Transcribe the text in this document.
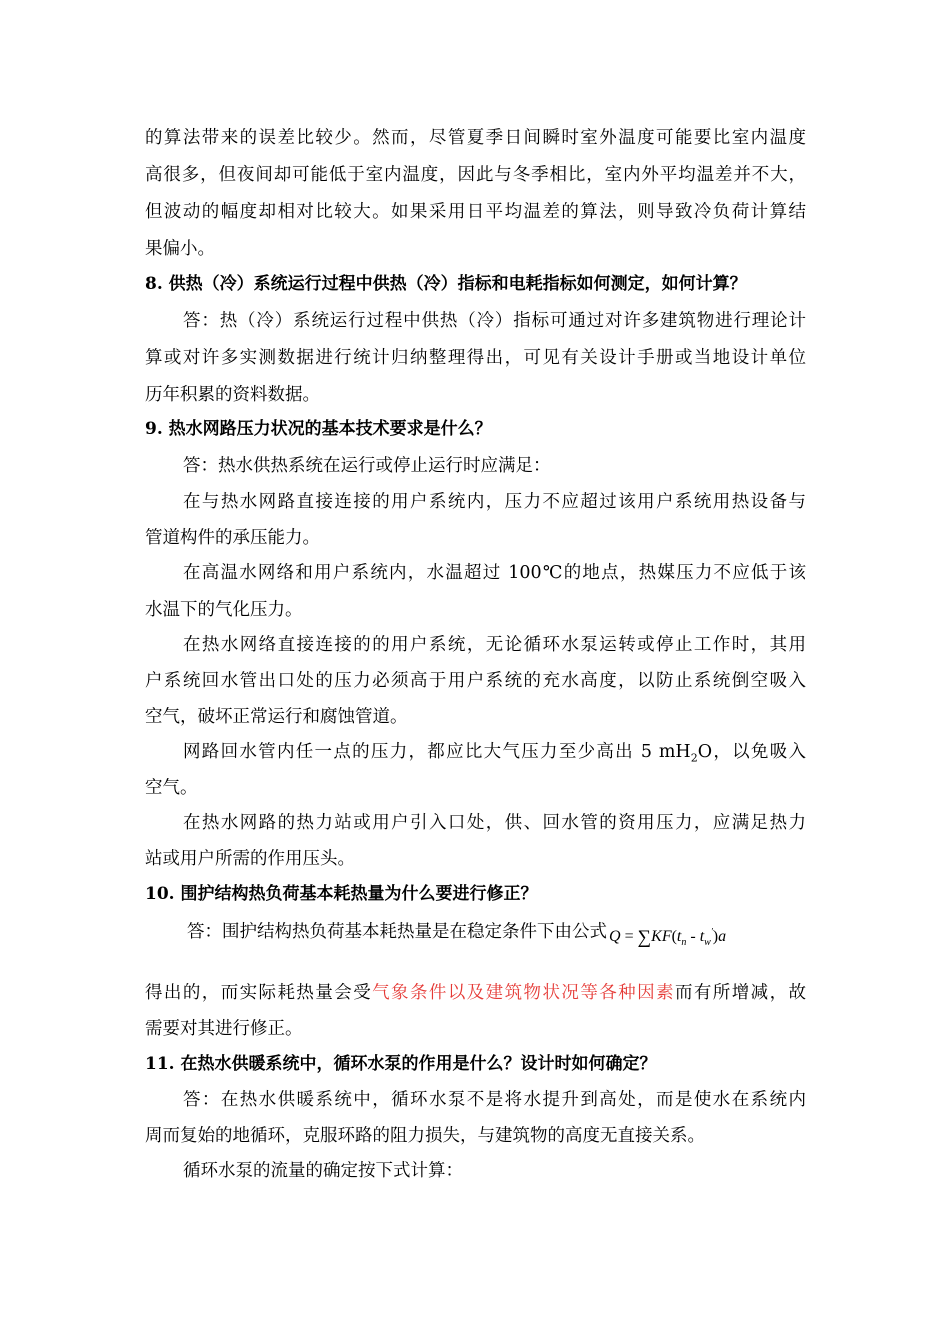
的算法带来的误差比较少。然而，尽管夏季日间瞬时室外温度可能要比室内温度
高很多，但夜间却可能低于室内温度，因此与冬季相比，室内外平均温差并不大，
但波动的幅度却相对比较大。如果采用日平均温差的算法，则导致冷负荷计算结
果偏小。
8. 供热（冷）系统运行过程中供热（冷）指标和电耗指标如何测定，如何计算？
答：热（冷）系统运行过程中供热（冷）指标可通过对许多建筑物进行理论计
算或对许多实测数据进行统计归纳整理得出，可见有关设计手册或当地设计单位
历年积累的资料数据。
9. 热水网路压力状况的基本技术要求是什么？
答：热水供热系统在运行或停止运行时应满足：
在与热水网路直接连接的用户系统内，压力不应超过该用户系统用热设备与
管道构件的承压能力。
在高温水网络和用户系统内，水温超过 100℃的地点，热媒压力不应低于该
水温下的气化压力。
在热水网络直接连接的的用户系统，无论循环水泵运转或停止工作时，其用
户系统回水管出口处的压力必须高于用户系统的充水高度，以防止系统倒空吸入
空气，破坏正常运行和腐蚀管道。
网路回水管内任一点的压力，都应比大气压力至少高出 5 $mH_2O$，以免吸入
空气。
在热水网路的热力站或用户引入口处，供、回水管的资用压力，应满足热力
站或用户所需的作用压头。
10. 围护结构热负荷基本耗热量为什么要进行修正？
答：围护结构热负荷基本耗热量是在稳定条件下由公式 $Q = \sum KF(t_n - t_w')a$
得出的，而实际耗热量会受气象条件以及建筑物状况等各种因素而有所增减，故
需要对其进行修正。
11. 在热水供暖系统中，循环水泵的作用是什么？设计时如何确定？
答：在热水供暖系统中，循环水泵不是将水提升到高处，而是使水在系统内
周而复始的地循环，克服环路的阻力损失，与建筑物的高度无直接关系。
循环水泵的流量的确定按下式计算：
